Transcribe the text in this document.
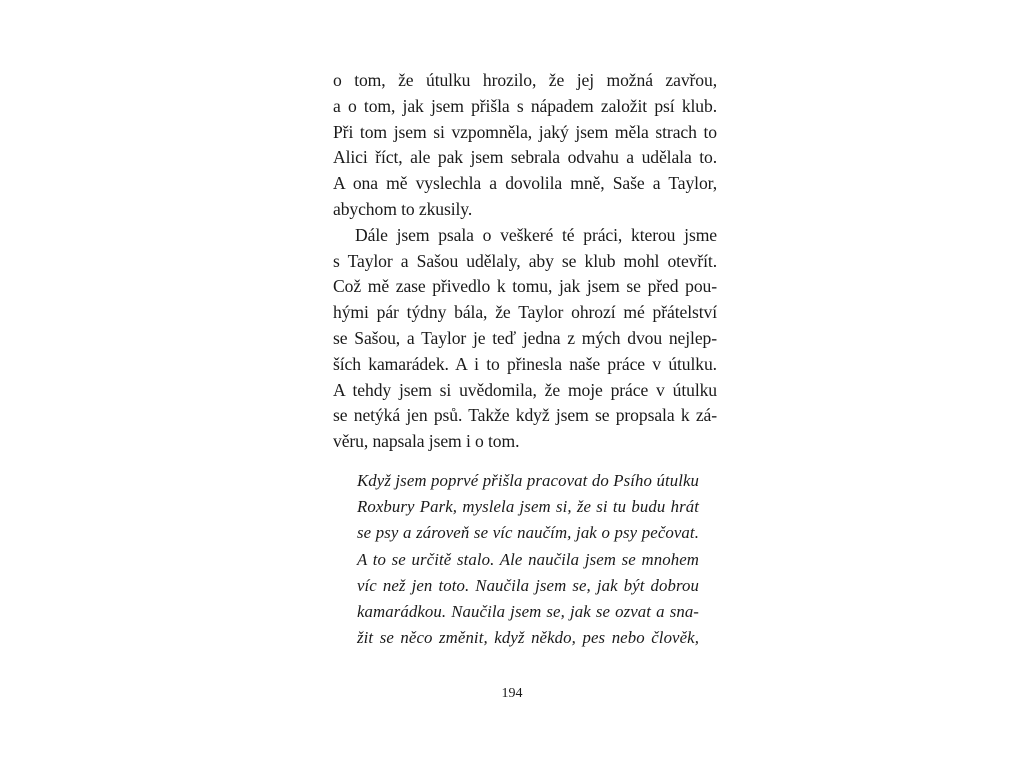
o tom, že útulku hrozilo, že jej možná zavřou,
a o tom, jak jsem přišla s nápadem založit psí klub.
Při tom jsem si vzpomněla, jaký jsem měla strach to
Alici říct, ale pak jsem sebrala odvahu a udělala to.
A ona mě vyslechla a dovolila mně, Saše a Taylor,
abychom to zkusily.
Dále jsem psala o veškeré té práci, kterou jsme
s Taylor a Sašou udělaly, aby se klub mohl otevřít.
Což mě zase přivedlo k tomu, jak jsem se před pou-
hými pár týdny bála, že Taylor ohrozí mé přátelství
se Sašou, a Taylor je teď jedna z mých dvou nejlep-
ších kamarádek. A i to přinesla naše práce v útulku.
A tehdy jsem si uvědomila, že moje práce v útulku
se netýká jen psů. Takže když jsem se propsala k zá-
věru, napsala jsem i o tom.
Když jsem poprvé přišla pracovat do Psího útulku
Roxbury Park, myslela jsem si, že si tu budu hrát
se psy a zároveň se víc naučím, jak o psy pečovat.
A to se určitě stalo. Ale naučila jsem se mnohem
víc než jen toto. Naučila jsem se, jak být dobrou
kamarádkou. Naučila jsem se, jak se ozvat a sna-
žit se něco změnit, když někdo, pes nebo člověk,
194
